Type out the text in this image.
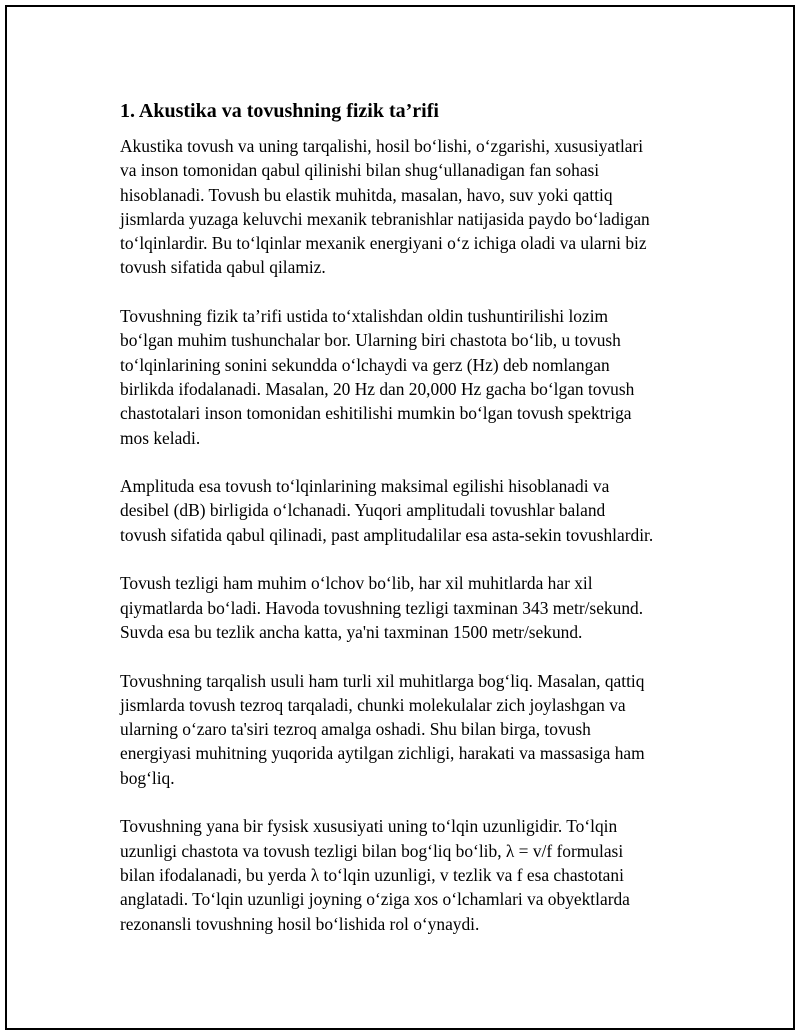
1. Akustika va tovushning fizik ta’rifi
Akustika tovush va uning tarqalishi, hosil bo‘lishi, o‘zgarishi, xususiyatlari
va inson tomonidan qabul qilinishi bilan shug‘ullanadigan fan sohasi
hisoblanadi. Tovush bu elastik muhitda, masalan, havo, suv yoki qattiq
jismlarda yuzaga keluvchi mexanik tebranishlar natijasida paydo bo‘ladigan
to‘lqinlardir. Bu to‘lqinlar mexanik energiyani o‘z ichiga oladi va ularni biz
tovush sifatida qabul qilamiz.
Tovushning fizik ta’rifi ustida to‘xtalishdan oldin tushuntirilishi lozim
bo‘lgan muhim tushunchalar bor. Ularning biri chastota bo‘lib, u tovush
to‘lqinlarining sonini sekundda o‘lchaydi va gerz (Hz) deb nomlangan
birlikda ifodalanadi. Masalan, 20 Hz dan 20,000 Hz gacha bo‘lgan tovush
chastotalari inson tomonidan eshitilishi mumkin bo‘lgan tovush spektriga
mos keladi.
Amplituda esa tovush to‘lqinlarining maksimal egilishi hisoblanadi va
desibel (dB) birligida o‘lchanadi. Yuqori amplitudali tovushlar baland
tovush sifatida qabul qilinadi, past amplitudalilar esa asta-sekin tovushlardir.
Tovush tezligi ham muhim o‘lchov bo‘lib, har xil muhitlarda har xil
qiymatlarda bo‘ladi. Havoda tovushning tezligi taxminan 343 metr/sekund.
Suvda esa bu tezlik ancha katta, ya'ni taxminan 1500 metr/sekund.
Tovushning tarqalish usuli ham turli xil muhitlarga bog‘liq. Masalan, qattiq
jismlarda tovush tezroq tarqaladi, chunki molekulalar zich joylashgan va
ularning o‘zaro ta'siri tezroq amalga oshadi. Shu bilan birga, tovush
energiyasi muhitning yuqorida aytilgan zichligi, harakati va massasiga ham
bog‘liq.
Tovushning yana bir fysisk xususiyati uning to‘lqin uzunligidir. To‘lqin
uzunligi chastota va tovush tezligi bilan bog‘liq bo‘lib, λ = v/f formulasi
bilan ifodalanadi, bu yerda λ to‘lqin uzunligi, v tezlik va f esa chastotani
anglatadi. To‘lqin uzunligi joyning o‘ziga xos o‘lchamlari va obyektlarda
rezonansli tovushning hosil bo‘lishida rol o‘ynaydi.
